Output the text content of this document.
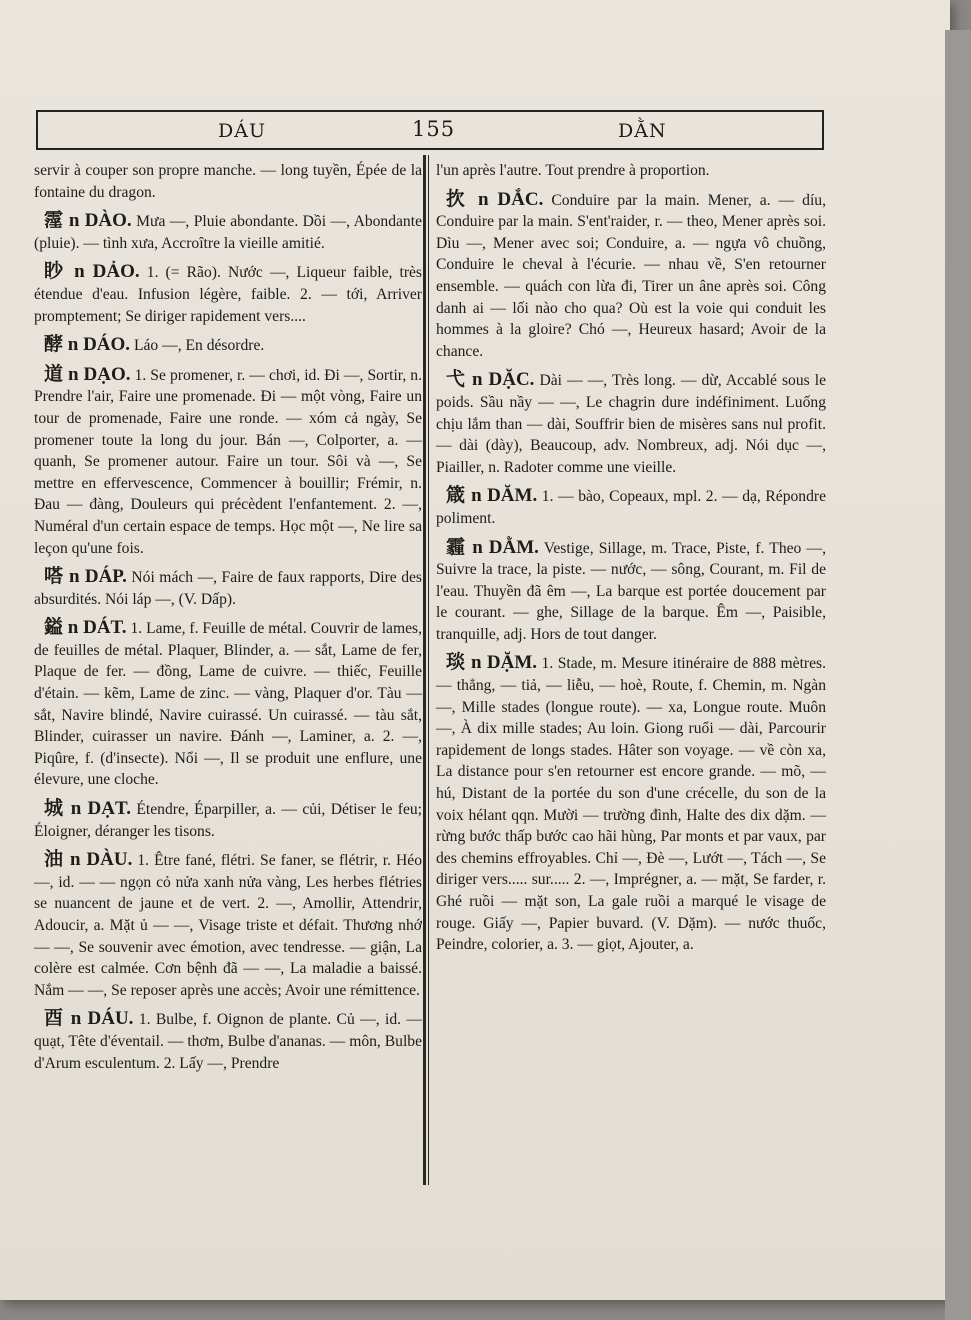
DÁU	155	DẰN

servir à couper son propre manche. — long tuyền, Épée de la fontaine du dragon.

霪 n DÀO. Mưa —, Pluie abondante. Dồi —, Abondante (pluie). — tình xưa, Accroître la vieille amitié.

眇 n DẢO. 1. (= Rão). Nước —, Liqueur faible, très étendue d'eau. Infusion légère, faible. 2. — tới, Arriver promptement; Se diriger rapidement vers....

酵 n DÁO. Láo —, En désordre.

道 n DẠO. 1. Se promener, r. — chơi, id. Đi —, Sortir, n. Prendre l'air, Faire une promenade. Đi — một vòng, Faire un tour de promenade, Faire une ronde. — xóm cả ngày, Se promener toute la long du jour. Bán —, Colporter, a. — quanh, Se promener autour. Faire un tour. Sôi và —, Se mettre en effervescence, Commencer à bouillir; Frémir, n. Đau — đàng, Douleurs qui précèdent l'enfantement. 2. —, Numéral d'un certain espace de temps. Học một —, Ne lire sa leçon qu'une fois.

嗒 n DÁP. Nói mách —, Faire de faux rapports, Dire des absurdités. Nói láp —, (V. Dấp).

鎰 n DÁT. 1. Lame, f. Feuille de métal. Couvrir de lames, de feuilles de métal. Plaquer, Blinder, a. — sắt, Lame de fer, Plaque de fer. — đồng, Lame de cuivre. — thiếc, Feuille d'étain. — kẽm, Lame de zinc. — vàng, Plaquer d'or. Tàu — sắt, Navire blindé, Navire cuirassé. Un cuirassé. — tàu sắt, Blinder, cuirasser un navire. Đánh —, Laminer, a. 2. —, Piqûre, f. (d'insecte). Nổi —, Il se produit une enflure, une élevure, une cloche.

城 n DẠT. Étendre, Éparpiller, a. — củi, Détiser le feu; Éloigner, déranger les tisons.

油 n DÀU. 1. Être fané, flétri. Se faner, se flétrir, r. Héo —, id. — — ngọn cỏ nửa xanh nửa vàng, Les herbes flétries se nuancent de jaune et de vert. 2. —, Amollir, Attendrir, Adoucir, a. Mặt ủ — —, Visage triste et défait. Thương nhớ — —, Se souvenir avec émotion, avec tendresse. — giận, La colère est calmée. Cơn bệnh đã — —, La maladie a baissé. Nắm — —, Se reposer après une accès; Avoir une rémittence.

酉 n DÁU. 1. Bulbe, f. Oignon de plante. Củ —, id. — quạt, Tête d'éventail. — thơm, Bulbe d'ananas. — môn, Bulbe d'Arum esculentum. 2. Lấy —, Prendre

l'un après l'autre. Tout prendre à proportion.

扻 n DẮC. Conduire par la main. Mener, a. — díu, Conduire par la main. S'ent'raider, r. — theo, Mener après soi. Dìu —, Mener avec soi; Conduire, a. — ngựa vô chuồng, Conduire le cheval à l'écurie. — nhau về, S'en retourner ensemble. — quách con lừa đi, Tirer un âne après soi. Công danh ai — lối nào cho qua? Où est la voie qui conduit les hommes à la gloire? Chó —, Heureux hasard; Avoir de la chance.

弋 n DẶC. Dài — —, Très long. — dừ, Accablé sous le poids. Sầu nầy — —, Le chagrin dure indéfiniment. Luống chịu lắm than — dài, Souffrir bien de misères sans nul profit. — dài (dày), Beaucoup, adv. Nombreux, adj. Nói dục —, Piailler, n. Radoter comme une vieille.

箴 n DĂM. 1. — bào, Copeaux, mpl. 2. — dạ, Répondre poliment.

霾 n DẰM. Vestige, Sillage, m. Trace, Piste, f. Theo —, Suivre la trace, la piste. — nước, — sông, Courant, m. Fil de l'eau. Thuyền đã êm —, La barque est portée doucement par le courant. — ghe, Sillage de la barque. Êm —, Paisible, tranquille, adj. Hors de tout danger.

琰 n DẶM. 1. Stade, m. Mesure itinéraire de 888 mètres. — thẳng, — tiả, — liễu, — hoè, Route, f. Chemin, m. Ngàn —, Mille stades (longue route). — xa, Longue route. Muôn —, À dix mille stades; Au loin. Giong ruổi — dài, Parcourir rapidement de longs stades. Hâter son voyage. — về còn xa, La distance pour s'en retourner est encore grande. — mõ, — hú, Distant de la portée du son d'une crécelle, du son de la voix hélant qqn. Mười — trường đình, Halte des dix dặm. — rừng bước thấp bước cao hãi hùng, Par monts et par vaux, par des chemins effroyables. Chỉ —, Đè —, Lướt —, Tách —, Se diriger vers..... sur..... 2. —, Imprégner, a. — mặt, Se farder, r. Ghé ruồi — mặt son, La gale ruồi a marqué le visage de rouge. Giấy —, Papier buvard. (V. Dặm). — nước thuốc, Peindre, colorier, a. 3. — giọt, Ajouter, a.
